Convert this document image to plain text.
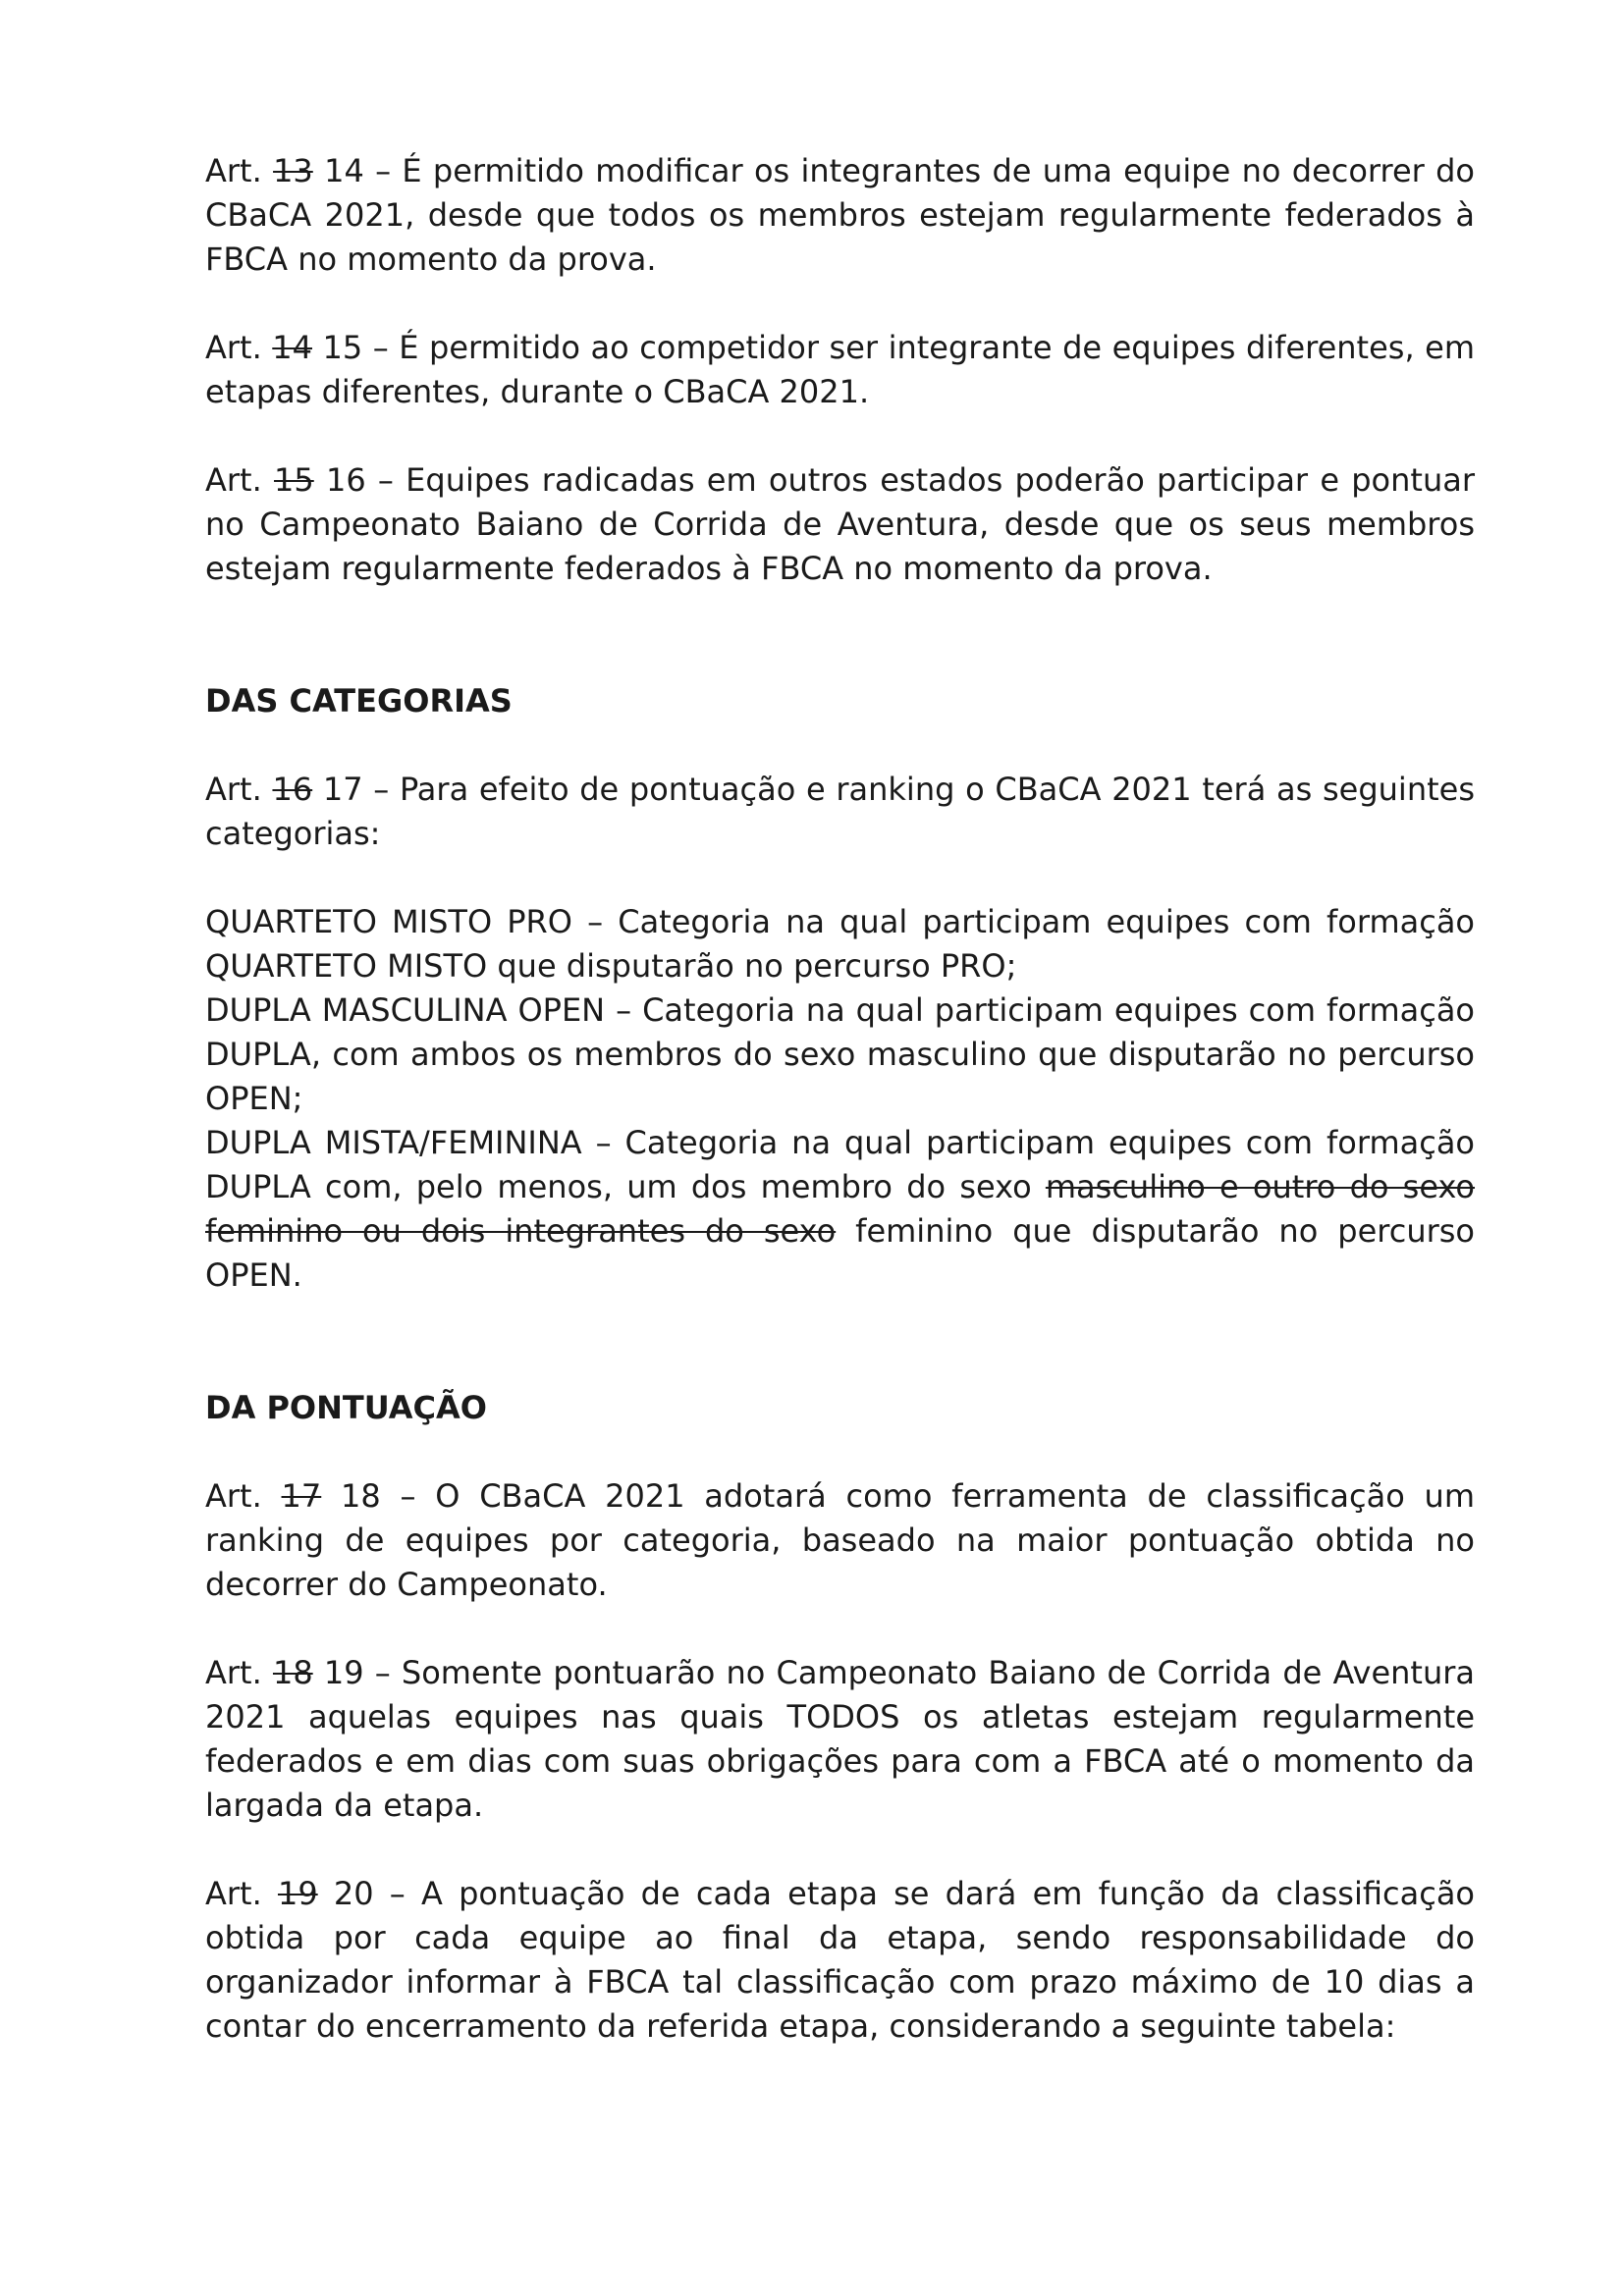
Art. 13 14 – É permitido modificar os integrantes de uma equipe no decorrer do CBaCA 2021, desde que todos os membros estejam regularmente federados à FBCA no momento da prova.

Art. 14 15 – É permitido ao competidor ser integrante de equipes diferentes, em etapas diferentes, durante o CBaCA 2021.

Art. 15 16 – Equipes radicadas em outros estados poderão participar e pontuar no Campeonato Baiano de Corrida de Aventura, desde que os seus membros estejam regularmente federados à FBCA no momento da prova.

DAS CATEGORIAS

Art. 16 17 – Para efeito de pontuação e ranking o CBaCA 2021 terá as seguintes categorias:

QUARTETO MISTO PRO – Categoria na qual participam equipes com formação QUARTETO MISTO que disputarão no percurso PRO;

DUPLA MASCULINA OPEN – Categoria na qual participam equipes com formação DUPLA, com ambos os membros do sexo masculino que disputarão no percurso OPEN;

DUPLA MISTA/FEMININA – Categoria na qual participam equipes com formação DUPLA com, pelo menos, um dos membro do sexo masculino e outro do sexo feminino ou dois integrantes do sexo feminino que disputarão no percurso OPEN.

DA PONTUAÇÃO

Art. 17 18 – O CBaCA 2021 adotará como ferramenta de classificação um ranking de equipes por categoria, baseado na maior pontuação obtida no decorrer do Campeonato.

Art. 18 19 – Somente pontuarão no Campeonato Baiano de Corrida de Aventura 2021 aquelas equipes nas quais TODOS os atletas estejam regularmente federados e em dias com suas obrigações para com a FBCA até o momento da largada da etapa.

Art. 19 20 – A pontuação de cada etapa se dará em função da classificação obtida por cada equipe ao final da etapa, sendo responsabilidade do organizador informar à FBCA tal classificação com prazo máximo de 10 dias a contar do encerramento da referida etapa, considerando a seguinte tabela:
